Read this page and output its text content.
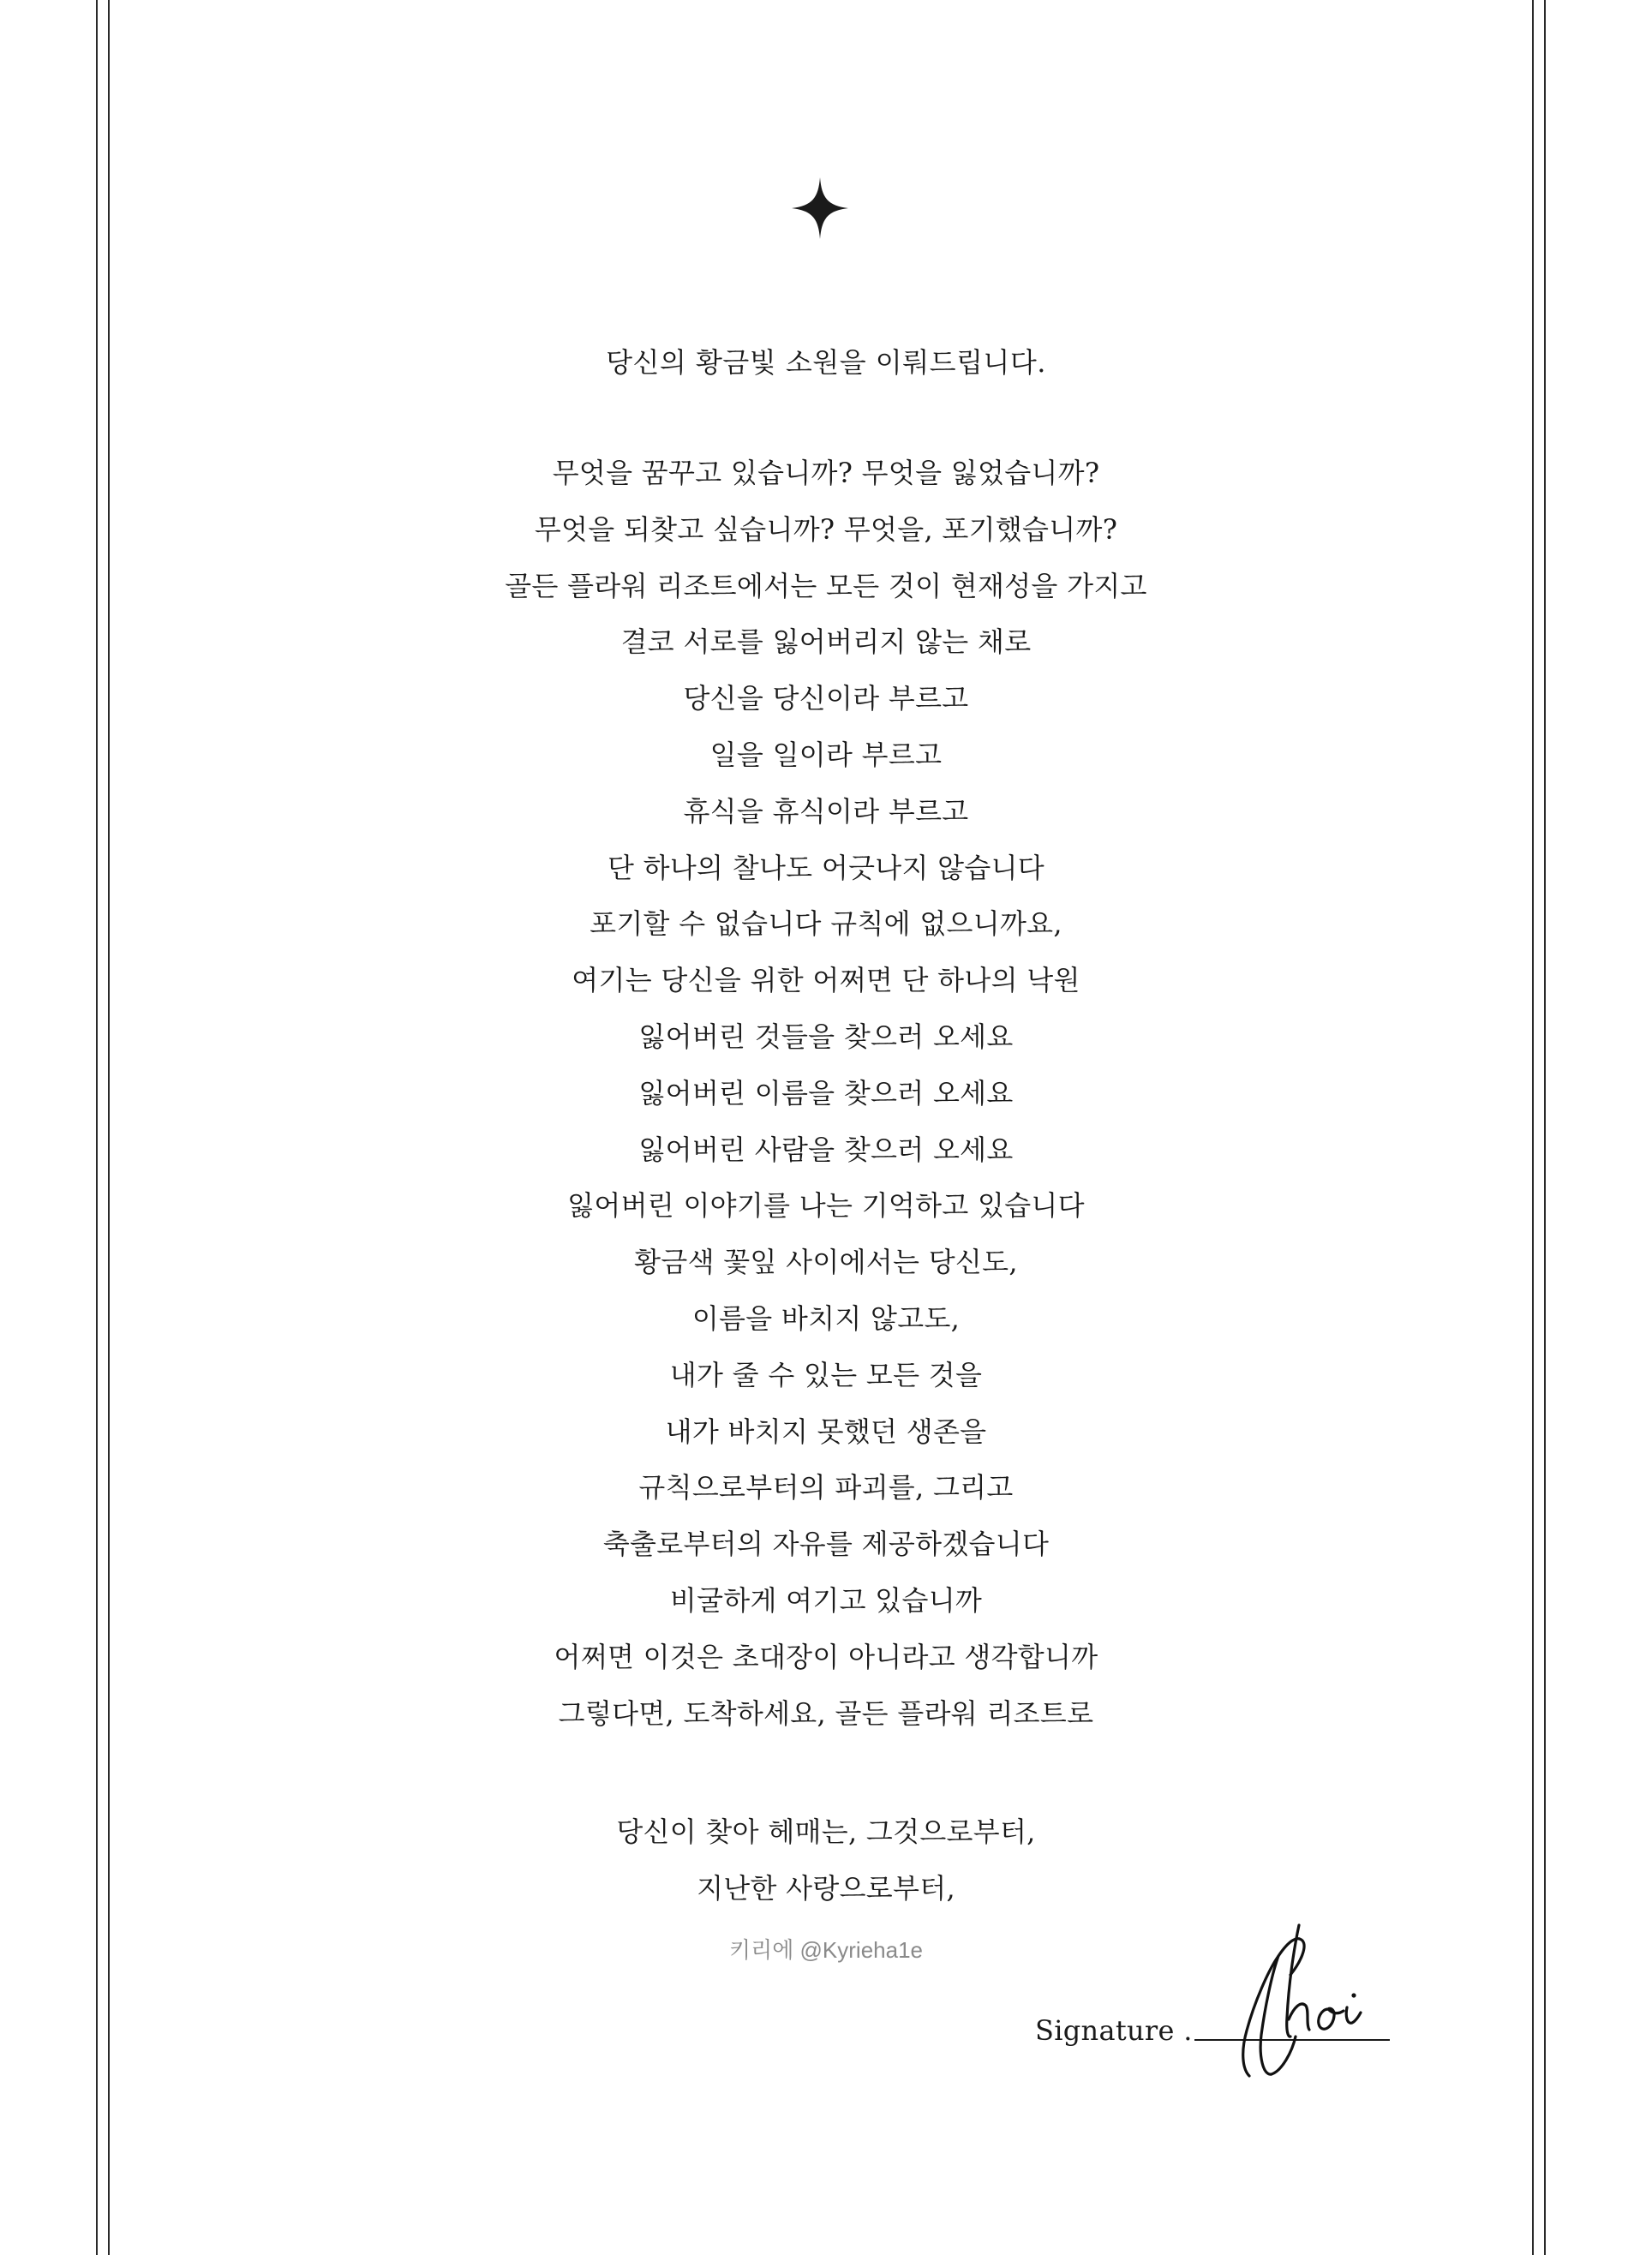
당신의 황금빛 소원을 이뤄드립니다.
무엇을 꿈꾸고 있습니까? 무엇을 잃었습니까?
무엇을 되찾고 싶습니까? 무엇을, 포기했습니까?
골든 플라워 리조트에서는 모든 것이 현재성을 가지고
결코 서로를 잃어버리지 않는 채로
당신을 당신이라 부르고
일을 일이라 부르고
휴식을 휴식이라 부르고
단 하나의 찰나도 어긋나지 않습니다
포기할 수 없습니다 규칙에 없으니까요,
여기는 당신을 위한 어쩌면 단 하나의 낙원
잃어버린 것들을 찾으러 오세요
잃어버린 이름을 찾으러 오세요
잃어버린 사람을 찾으러 오세요
잃어버린 이야기를 나는 기억하고 있습니다
황금색 꽃잎 사이에서는 당신도,
이름을 바치지 않고도,
내가 줄 수 있는 모든 것을
내가 바치지 못했던 생존을
규칙으로부터의 파괴를, 그리고
축출로부터의 자유를 제공하겠습니다
비굴하게 여기고 있습니까
어쩌면 이것은 초대장이 아니라고 생각합니까
그렇다면, 도착하세요, 골든 플라워 리조트로
당신이 찾아 헤매는, 그것으로부터,
지난한 사랑으로부터,
키리에 @Kyrieha1e
Signature .
